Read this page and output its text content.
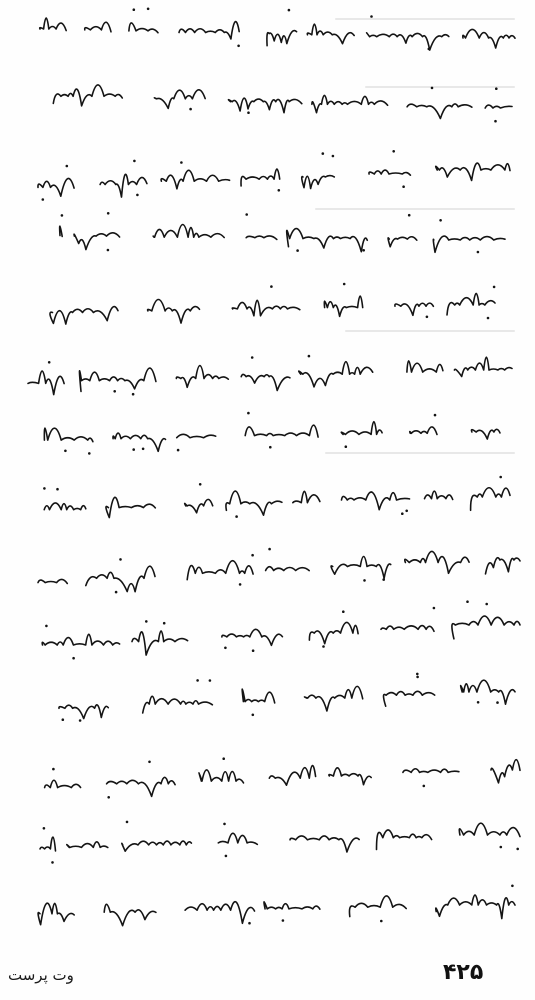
وت پرست	۴۲۵
